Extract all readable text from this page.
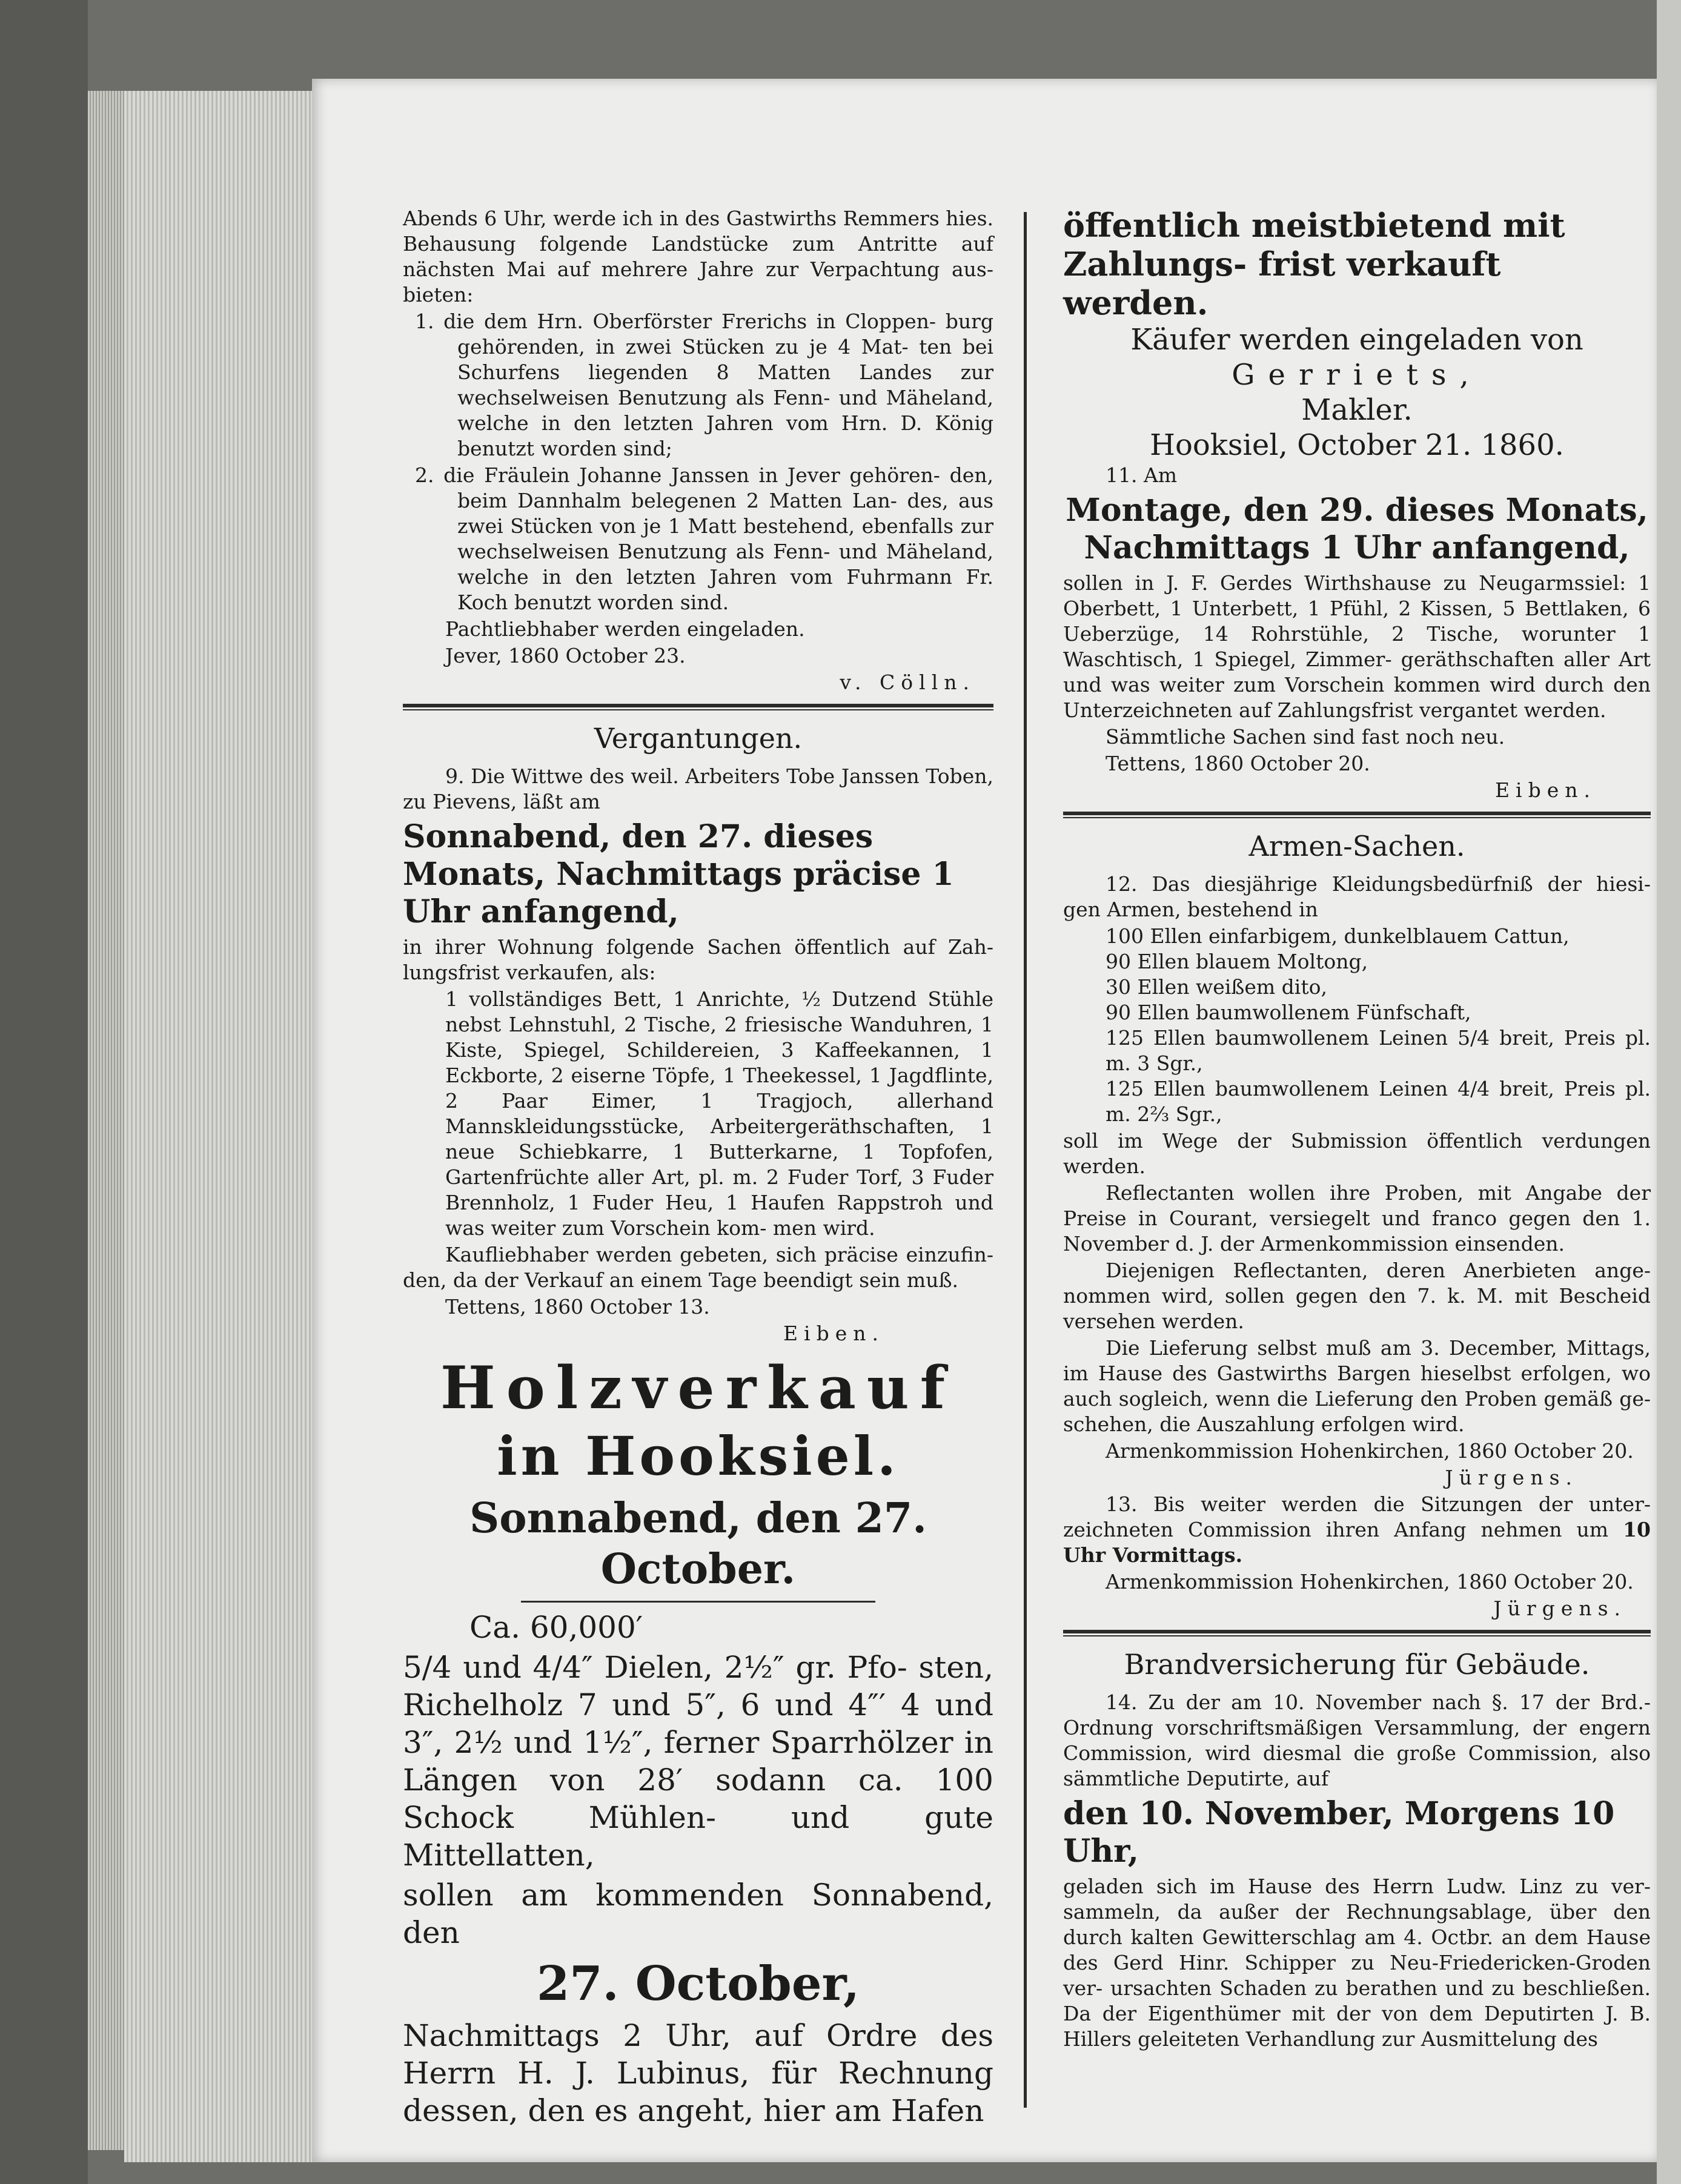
Abends 6 Uhr, werde ich in des Gastwirths Remmers hies. Behausung folgende Landstücke zum Antritte auf nächsten Mai auf mehrere Jahre zur Verpachtung aus- bieten:

1. die dem Hrn. Oberförster Frerichs in Cloppen- burg gehörenden, in zwei Stücken zu je 4 Mat- ten bei Schurfens liegenden 8 Matten Landes zur wechselweisen Benutzung als Fenn- und Mäheland, welche in den letzten Jahren vom Hrn. D. König benutzt worden sind;

2. die Fräulein Johanne Janssen in Jever gehören- den, beim Dannhalm belegenen 2 Matten Lan- des, aus zwei Stücken von je 1 Matt bestehend, ebenfalls zur wechselweisen Benutzung als Fenn- und Mäheland, welche in den letzten Jahren vom Fuhrmann Fr. Koch benutzt worden sind.

Pachtliebhaber werden eingeladen.

Jever, 1860 October 23.

v. Cölln.

Vergantungen.

9. Die Wittwe des weil. Arbeiters Tobe Janssen Toben, zu Pievens, läßt am

Sonnabend, den 27. dieses Monats, Nachmittags präcise 1 Uhr anfangend,

in ihrer Wohnung folgende Sachen öffentlich auf Zah- lungsfrist verkaufen, als:

1 vollständiges Bett, 1 Anrichte, ½ Dutzend Stühle nebst Lehnstuhl, 2 Tische, 2 friesische Wanduhren, 1 Kiste, Spiegel, Schildereien, 3 Kaffeekannen, 1 Eckborte, 2 eiserne Töpfe, 1 Theekessel, 1 Jagdflinte, 2 Paar Eimer, 1 Tragjoch, allerhand Mannskleidungsstücke, Arbeitergeräthschaften, 1 neue Schiebkarre, 1 Butterkarne, 1 Topfofen, Gartenfrüchte aller Art, pl. m. 2 Fuder Torf, 3 Fuder Brennholz, 1 Fuder Heu, 1 Haufen Rappstroh und was weiter zum Vorschein kom- men wird.

Kaufliebhaber werden gebeten, sich präcise einzufin- den, da der Verkauf an einem Tage beendigt sein muß.

Tettens, 1860 October 13.

Eiben.

Holzverkauf
in Hooksiel.
Sonnabend, den 27. October.

Ca. 60,000′

5/4 und 4/4″ Dielen, 2½″ gr. Pfo- sten, Richelholz 7 und 5″, 6 und 4″′ 4 und 3″, 2½ und 1½″, ferner Sparrhölzer in Längen von 28′ sodann ca. 100 Schock Mühlen- und gute Mittellatten,

sollen am kommenden Sonnabend, den

27. October,

Nachmittags 2 Uhr, auf Ordre des Herrn H. J. Lubinus, für Rechnung dessen, den es angeht, hier am Hafen

öffentlich meistbietend mit Zahlungs- frist verkauft werden.

Käufer werden eingeladen von

Gerriets,

Makler.

Hooksiel, October 21. 1860.

11. Am

Montage, den 29. dieses Monats, Nachmittags 1 Uhr anfangend,

sollen in J. F. Gerdes Wirthshause zu Neugarmssiel: 1 Oberbett, 1 Unterbett, 1 Pfühl, 2 Kissen, 5 Bettlaken, 6 Ueberzüge, 14 Rohrstühle, 2 Tische, worunter 1 Waschtisch, 1 Spiegel, Zimmer- geräthschaften aller Art und was weiter zum Vorschein kommen wird durch den Unterzeichneten auf Zahlungsfrist vergantet werden.

Sämmtliche Sachen sind fast noch neu.

Tettens, 1860 October 20.

Eiben.

Armen-Sachen.

12. Das diesjährige Kleidungsbedürfniß der hiesi- gen Armen, bestehend in

100 Ellen einfarbigem, dunkelblauem Cattun,
90 Ellen blauem Moltong,
30 Ellen weißem dito,
90 Ellen baumwollenem Fünfschaft,
125 Ellen baumwollenem Leinen 5/4 breit, Preis pl. m. 3 Sgr.,
125 Ellen baumwollenem Leinen 4/4 breit, Preis pl. m. 2⅔ Sgr.,

soll im Wege der Submission öffentlich verdungen werden.

Reflectanten wollen ihre Proben, mit Angabe der Preise in Courant, versiegelt und franco gegen den 1. November d. J. der Armenkommission einsenden.

Diejenigen Reflectanten, deren Anerbieten ange- nommen wird, sollen gegen den 7. k. M. mit Bescheid versehen werden.

Die Lieferung selbst muß am 3. December, Mittags, im Hause des Gastwirths Bargen hieselbst erfolgen, wo auch sogleich, wenn die Lieferung den Proben gemäß ge- schehen, die Auszahlung erfolgen wird.

Armenkommission Hohenkirchen, 1860 October 20.

Jürgens.

13. Bis weiter werden die Sitzungen der unter- zeichneten Commission ihren Anfang nehmen um 10 Uhr Vormittags.

Armenkommission Hohenkirchen, 1860 October 20.

Jürgens.

Brandversicherung für Gebäude.

14. Zu der am 10. November nach §. 17 der Brd.-Ordnung vorschriftsmäßigen Versammlung, der engern Commission, wird diesmal die große Commission, also sämmtliche Deputirte, auf

den 10. November, Morgens 10 Uhr,

geladen sich im Hause des Herrn Ludw. Linz zu ver- sammeln, da außer der Rechnungsablage, über den durch kalten Gewitterschlag am 4. Octbr. an dem Hause des Gerd Hinr. Schipper zu Neu-Friedericken-Groden ver- ursachten Schaden zu berathen und zu beschließen. Da der Eigenthümer mit der von dem Deputirten J. B. Hillers geleiteten Verhandlung zur Ausmittelung des
